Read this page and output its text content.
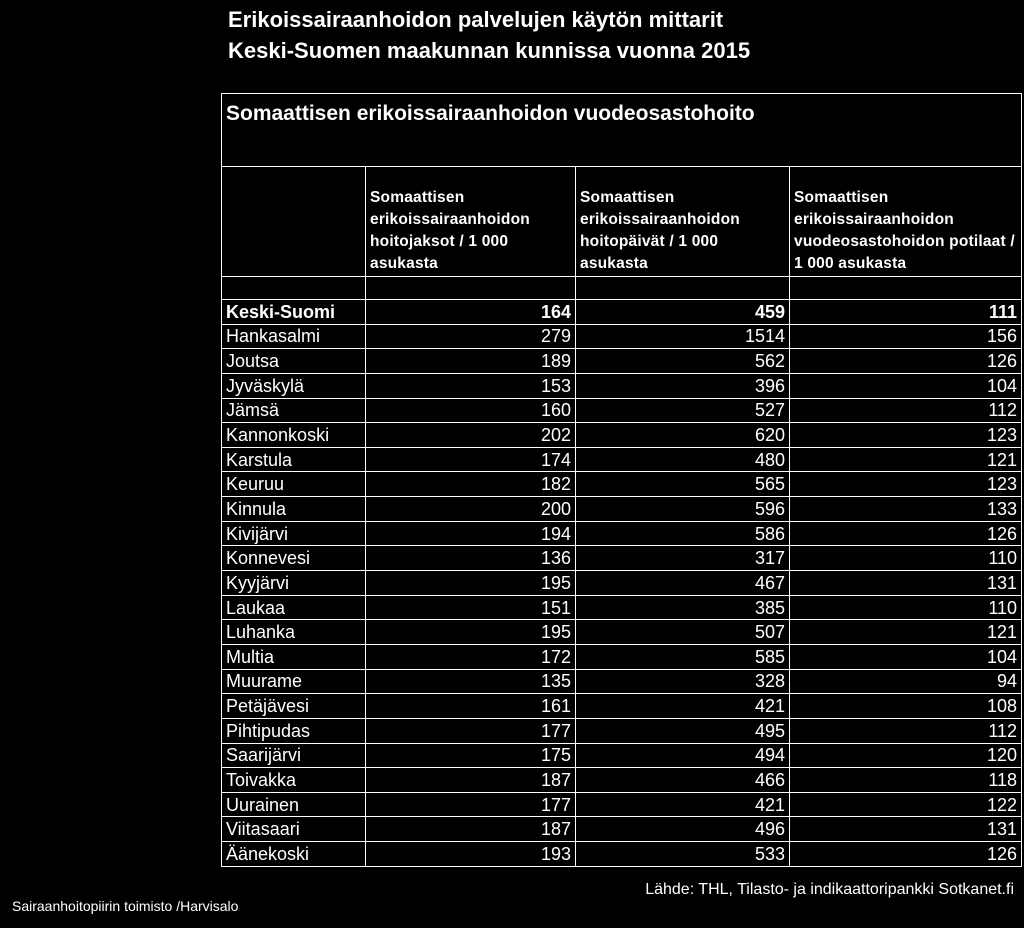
Erikoissairaanhoidon palvelujen käytön mittarit
Keski-Suomen maakunnan kunnissa vuonna 2015
Somaattisen erikoissairaanhoidon vuodeosastohoito			
	Somaattisen erikoissairaanhoidon hoitojaksot / 1 000 asukasta	Somaattisen erikoissairaanhoidon hoitopäivät / 1 000 asukasta	Somaattisen erikoissairaanhoidon vuodeosastohoidon potilaat / 1 000 asukasta

Keski-Suomi	164	459	111
Hankasalmi	279	1514	156
Joutsa	189	562	126
Jyväskylä	153	396	104
Jämsä	160	527	112
Kannonkoski	202	620	123
Karstula	174	480	121
Keuruu	182	565	123
Kinnula	200	596	133
Kivijärvi	194	586	126
Konnevesi	136	317	110
Kyyjärvi	195	467	131
Laukaa	151	385	110
Luhanka	195	507	121
Multia	172	585	104
Muurame	135	328	94
Petäjävesi	161	421	108
Pihtipudas	177	495	112
Saarijärvi	175	494	120
Toivakka	187	466	118
Uurainen	177	421	122
Viitasaari	187	496	131
Äänekoski	193	533	126
Lähde: THL, Tilasto- ja indikaattoripankki Sotkanet.fi
Sairaanhoitopiirin toimisto /Harvisalo
